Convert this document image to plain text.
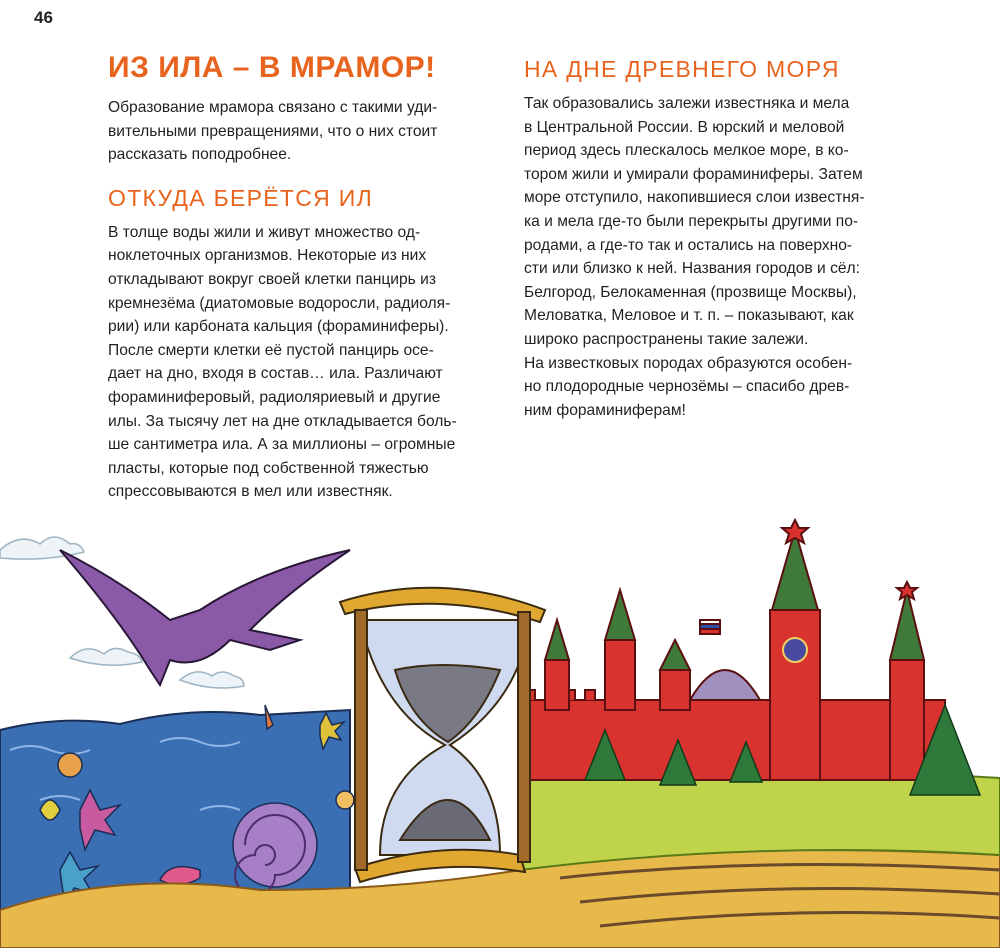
46
ИЗ ИЛА – В МРАМОР!
Образование мрамора связано с такими уди-
вительными превращениями, что о них стоит
рассказать поподробнее.
ОТКУДА БЕРЁТСЯ ИЛ
В толще воды жили и живут множество од-
ноклеточных организмов. Некоторые из них
откладывают вокруг своей клетки панцирь из
кремнезёма (диатомовые водоросли, радиоля-
рии) или карбоната кальция (фораминиферы).
После смерти клетки её пустой панцирь осе-
дает на дно, входя в состав… ила. Различают
фораминиферовый, радиоляриевый и другие
илы. За тысячу лет на дне откладывается боль-
ше сантиметра ила. А за миллионы – огромные
пласты, которые под собственной тяжестью
спрессовываются в мел или известняк.
НА ДНЕ ДРЕВНЕГО МОРЯ
Так образовались залежи известняка и мела
в Центральной России. В юрский и меловой
период здесь плескалось мелкое море, в ко-
тором жили и умирали фораминиферы. Затем
море отступило, накопившиеся слои известня-
ка и мела где-то были перекрыты другими по-
родами, а где-то так и остались на поверхно-
сти или близко к ней. Названия городов и сёл:
Белгород, Белокаменная (прозвище Москвы),
Меловатка, Меловое и т. п. – показывают, как
широко распространены такие залежи.
На известковых породах образуются особен-
но плодородные чернозёмы – спасибо древ-
ним фораминиферам!
